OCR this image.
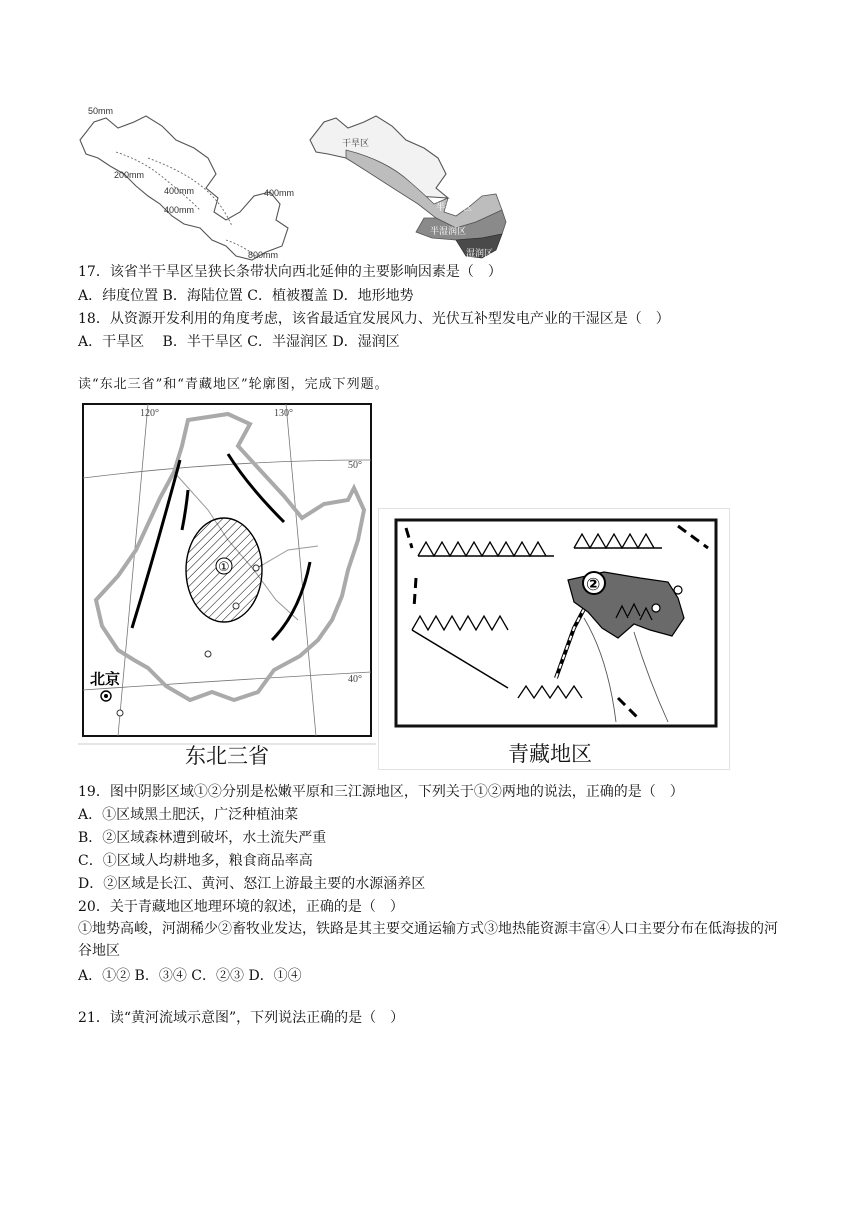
50mm
200mm
400mm
400mm
400mm
800mm
干旱区
半干旱区
半湿润区
湿润区
17．该省半干旱区呈狭长条带状向西北延伸的主要影响因素是（　）
A．纬度位置 B．海陆位置 C．植被覆盖 D．地形地势
18．从资源开发利用的角度考虑，该省最适宜发展风力、光伏互补型发电产业的干湿区是（　）
A．干旱区　 B．半干旱区 C．半湿润区 D．湿润区
读“东北三省”和“青藏地区”轮廓图，完成下列题。
①
120°	130°
50°
40°
北京
东北三省
②
青藏地区
19．图中阴影区域①②分别是松嫩平原和三江源地区，下列关于①②两地的说法，正确的是（　）
A．①区域黑土肥沃，广泛种植油菜
B．②区域森林遭到破坏，水土流失严重
C．①区域人均耕地多，粮食商品率高
D．②区域是长江、黄河、怒江上游最主要的水源涵养区
20．关于青藏地区地理环境的叙述，正确的是（　）
①地势高峻，河湖稀少②畜牧业发达，铁路是其主要交通运输方式③地热能资源丰富④人口主要分布在低海拔的河谷地区
A．①② B．③④ C．②③ D．①④
21．读“黄河流域示意图”，下列说法正确的是（　）
